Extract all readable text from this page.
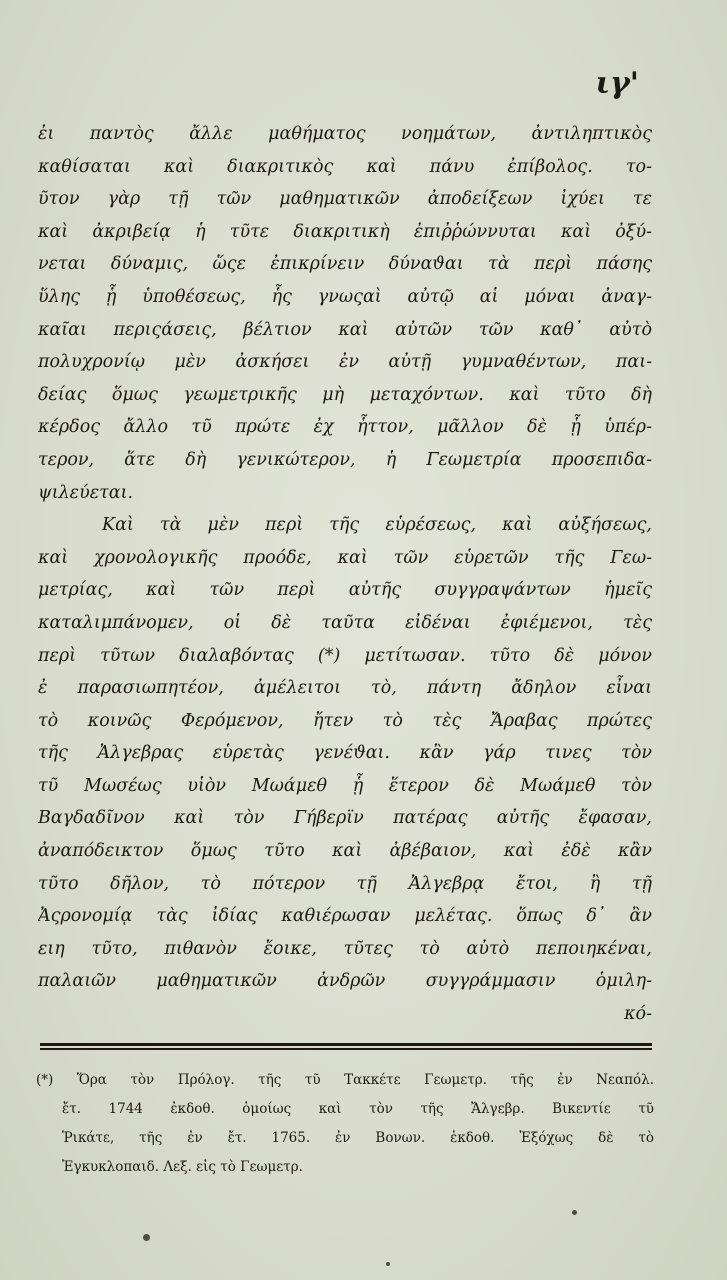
ιγ'
ἐι παντὸς ἄλλε μαθήματος νοημάτων, ἀντιληπτικὸς
καθίσαται καὶ διακριτικὸς καὶ πάνυ ἐπίβολος. το-
ῦτον γὰρ τῇ τῶν μαθηματικῶν ἀποδείξεων ἰχύει τε
καὶ ἀκριβείᾳ ἡ τῦτε διακριτικὴ ἐπιῤῥώννυται καὶ ὀξύ-
νεται δύναμις, ὥςε ἐπικρίνειν δύναϑαι τὰ περὶ πάσης
ὕλης ᾗ ὑποθέσεως, ἧς γνωςαὶ αὐτῷ αἱ μόναι ἀναγ-
καῖαι περιςάσεις, βέλτιον καὶ αὐτῶν τῶν καθ᾽ αὐτὸ
πολυχρονίῳ μὲν ἀσκήσει ἐν αὐτῇ γυμναθέντων, παι-
δείας ὅμως γεωμετρικῆς μὴ μεταχόντων. καὶ τῦτο δὴ
κέρδος ἄλλο τῦ πρώτε ἐχ ἧττον, μᾶλλον δὲ ᾗ ὑπέρ-
τερον, ἅτε δὴ γενικώτερον, ἡ Γεωμετρία προσεπιδα-
ψιλεύεται.
Καὶ τὰ μὲν περὶ τῆς εὑρέσεως, καὶ αὐξήσεως,
καὶ χρονολογικῆς προόδε, καὶ τῶν εὑρετῶν τῆς Γεω-
μετρίας, καὶ τῶν περὶ αὐτῆς συγγραψάντων ἡμεῖς
καταλιμπάνομεν, οἱ δὲ ταῦτα εἰδέναι ἐφιέμενοι, τὲς
περὶ τῦτων διαλαβόντας (*) μετίτωσαν. τῦτο δὲ μόνον
ἐ παρασιωπητέον, ἀμέλειτοι τὸ, πάντη ἄδηλον εἶναι
τὸ κοινῶς Φερόμενον, ἤτεν τὸ τὲς Ἄραβας πρώτες
τῆς Ἀλγεβρας εὑρετὰς γενέϑαι. κἂν γάρ τινες τὸν
τῦ Μωσέως υἱὸν Μωάμεθ ᾗ ἕτερον δὲ Μωάμεθ τὸν
Βαγδαδῖνον καὶ τὸν Γήβερϊν πατέρας αὐτῆς ἔφασαν,
ἀναπόδεικτον ὅμως τῦτο καὶ ἀβέβαιον, καὶ ἐδὲ κἂν
τῦτο δῆλον, τὸ πότερον τῇ Ἀλγεβρᾳ ἔτοι, ἢ τῇ
Ἀςρονομίᾳ τὰς ἰδίας καθιέρωσαν μελέτας. ὅπως δ᾽ ἂν
ειη τῦτο, πιθανὸν ἔοικε, τῦτες τὸ αὐτὸ πεποιηκέναι,
παλαιῶν μαθηματικῶν ἀνδρῶν συγγράμμασιν ὁμιλη-
κό-
(*) Ὅρα τὸν Πρόλογ. τῆς τῦ Τακκέτε Γεωμετρ. τῆς ἐν Νεαπόλ.
ἔτ. 1744 ἐκδοθ. ὁμοίως καὶ τὸν τῆς Ἄλγεβρ. Βικεντίε τῦ
Ῥικάτε, τῆς ἐν ἔτ. 1765. ἐν Βονων. ἐκδοθ. Ἐξόχως δὲ τὸ
Ἐγκυκλοπαιδ. Λεξ. εἰς τὸ Γεωμετρ.
